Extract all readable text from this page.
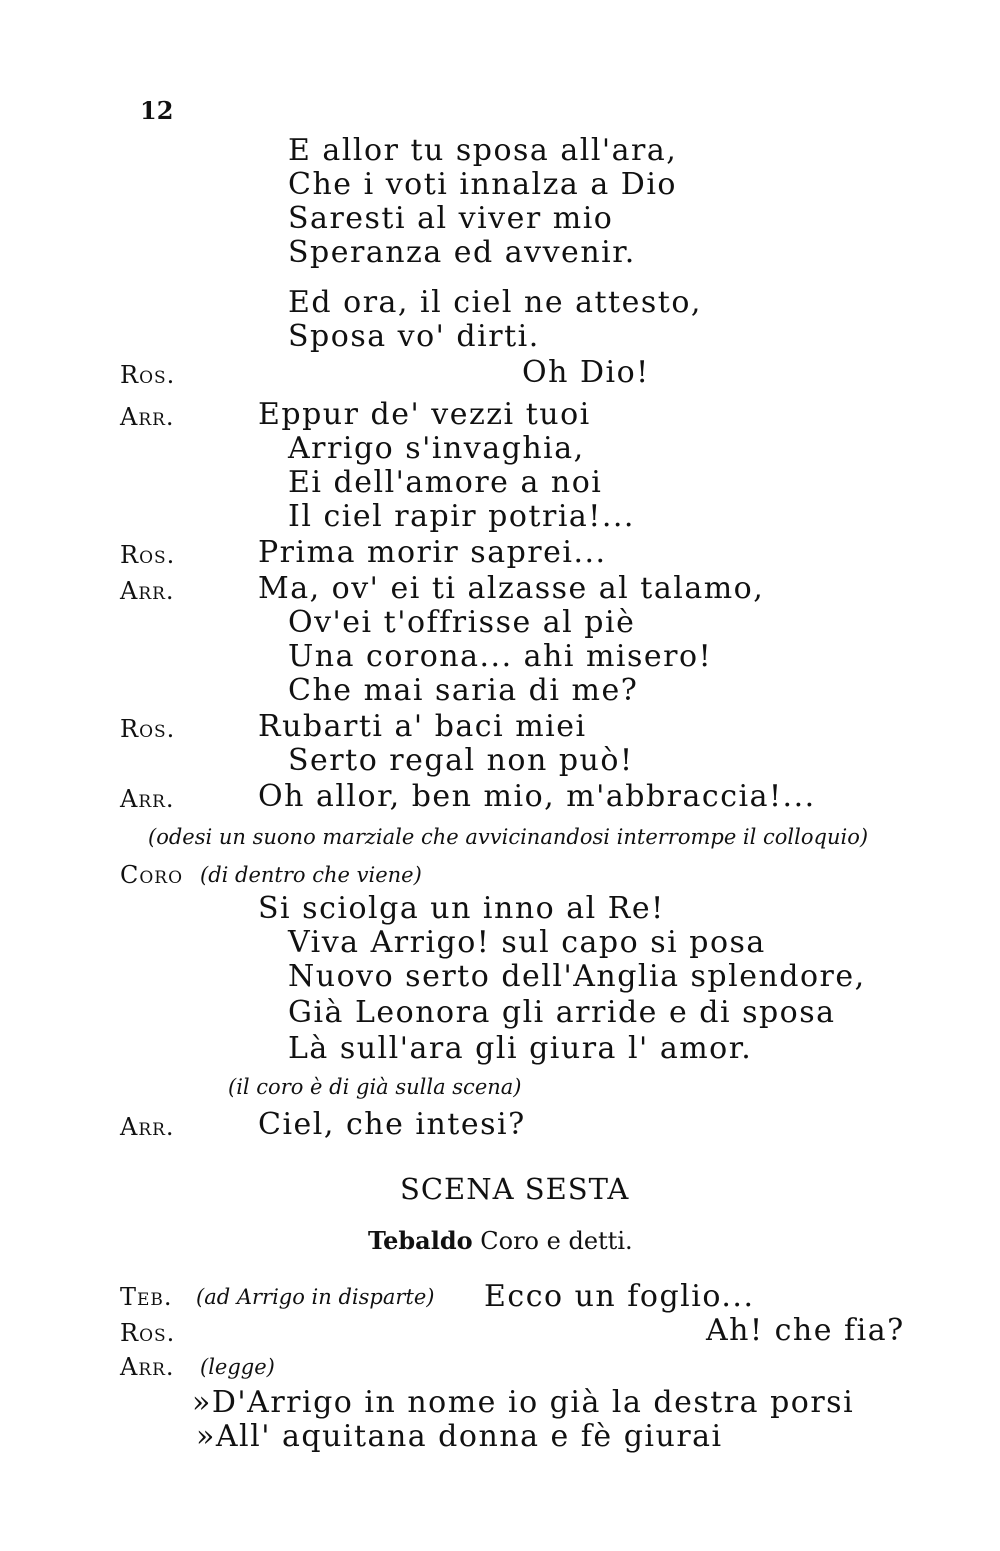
12
E allor tu sposa all'ara,
Che i voti innalza a Dio
Saresti al viver mio
Speranza ed avvenir.
Ed ora, il ciel ne attesto,
Sposa vo' dirti.
Ros.	Oh Dio!
Arr.	Eppur de' vezzi tuoi
Arrigo s'invaghia,
Ei dell'amore a noi
Il ciel rapir potria!...
Ros.	Prima morir saprei...
Arr.	Ma, ov' ei ti alzasse al talamo,
Ov'ei t'offrisse al piè
Una corona... ahi misero!
Che mai saria di me?
Ros.	Rubarti a' baci miei
Serto regal non può!
Arr.	Oh allor, ben mio, m'abbraccia!...
(odesi un suono marziale che avvicinandosi interrompe il colloquio)
Coro (di dentro che viene)
Si sciolga un inno al Re!
Viva Arrigo! sul capo si posa
Nuovo serto dell'Anglia splendore,
Già Leonora gli arride e di sposa
Là sull'ara gli giura l' amor.
(il coro è di già sulla scena)
Arr.	Ciel, che intesi?
SCENA SESTA
Tebaldo Coro e detti.
Teb. (ad Arrigo in disparte) Ecco un foglio...
Ros.	Ah! che fia?
Arr. (legge)
»D'Arrigo in nome io già la destra porsi
»All' aquitana donna e fè giurai
